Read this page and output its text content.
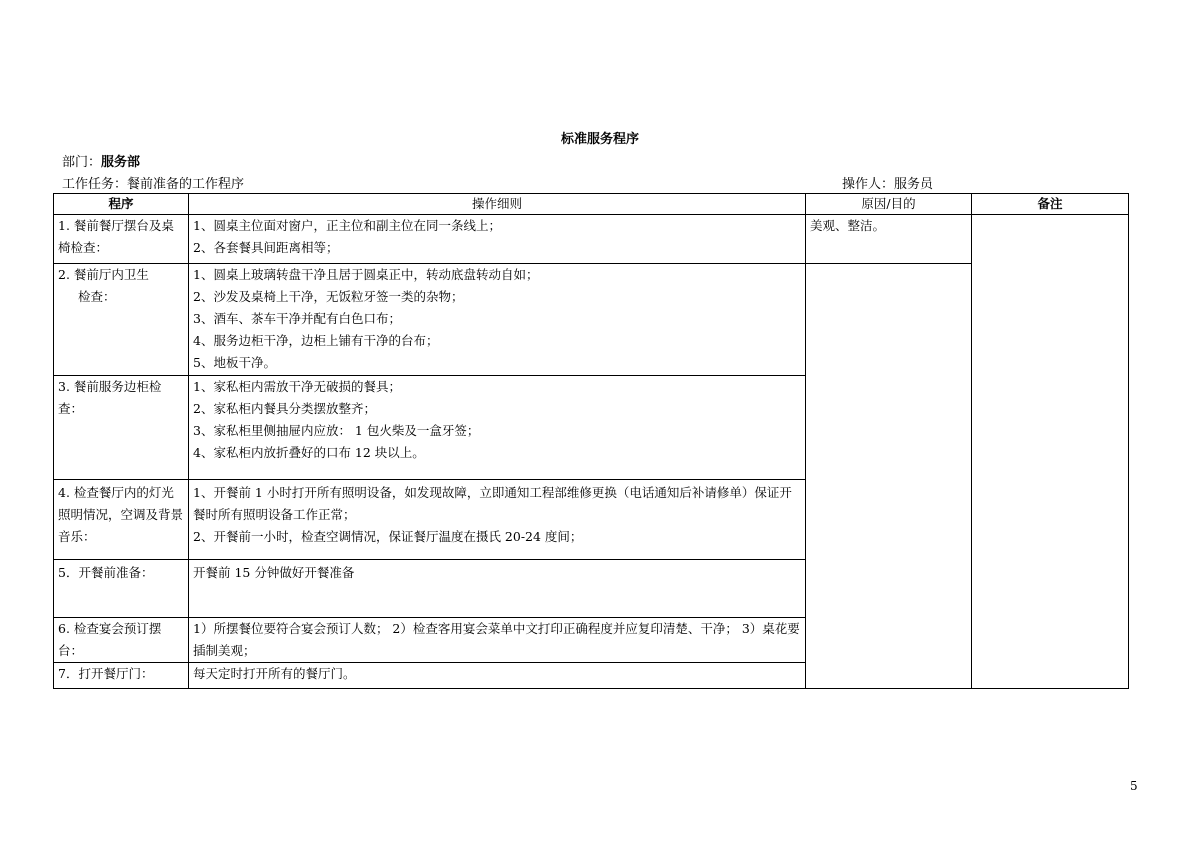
标准服务程序
部门：服务部
工作任务：餐前准备的工作程序	操作人：服务员
程序	操作细则	原因/目的	备注
1. 餐前餐厅摆台及桌椅检查：	1、圆桌主位面对窗户，正主位和副主位在同一条线上；
2、各套餐具间距离相等；	美观、整洁。	

2. 餐前厅内卫生
检查：	1、圆桌上玻璃转盘干净且居于圆桌正中，转动底盘转动自如；
2、沙发及桌椅上干净，无饭粒牙签一类的杂物；
3、酒车、茶车干净并配有白色口布；
4、服务边柜干净，边柜上铺有干净的台布；
5、地板干净。		

3. 餐前服务边柜检查：	1、家私柜内需放干净无破损的餐具；
2、家私柜内餐具分类摆放整齐；
3、家私柜里侧抽屉内应放： 1 包火柴及一盒牙签；
4、家私柜内放折叠好的口布 12 块以上。		

4. 检查餐厅内的灯光照明情况，空调及背景音乐：	1、开餐前 1 小时打开所有照明设备，如发现故障，立即通知工程部维修更换（电话通知后补请修单）保证开餐时所有照明设备工作正常；
2、开餐前一小时，检查空调情况，保证餐厅温度在摄氏 20-24 度间；		

5．开餐前准备：	开餐前 15 分钟做好开餐准备		

6. 检查宴会预订摆台：	1）所摆餐位要符合宴会预订人数； 2）检查客用宴会菜单中文打印正确程度并应复印清楚、干净； 3）桌花要插制美观；		

7．打开餐厅门：	每天定时打开所有的餐厅门。		
5
